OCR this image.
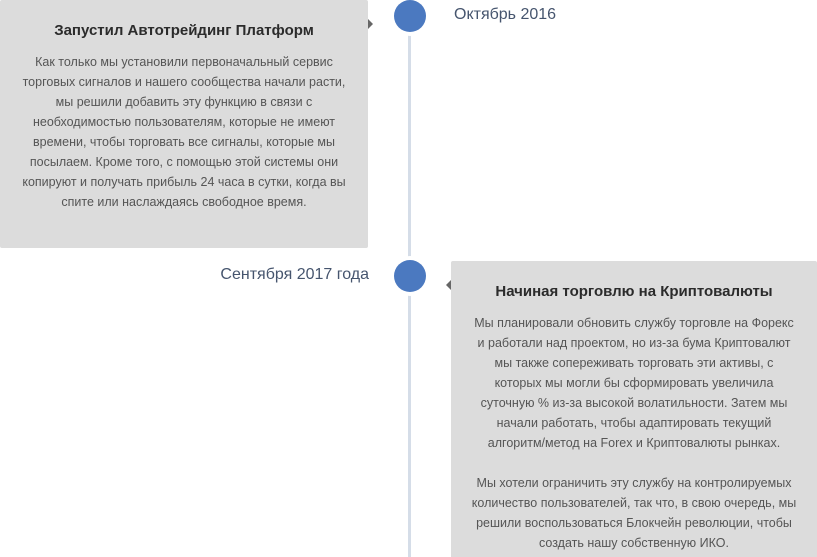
Запустил Автотрейдинг Платформ

Как только мы установили первоначальный сервис торговых сигналов и нашего сообщества начали расти, мы решили добавить эту функцию в связи с необходимостью пользователям, которые не имеют времени, чтобы торговать все сигналы, которые мы посылаем. Кроме того, с помощью этой системы они копируют и получать прибыль 24 часа в сутки, когда вы спите или наслаждаясь свободное время.

Октябрь 2016
Сентября 2017 года
Начиная торговлю на Криптовалюты

Мы планировали обновить службу торговле на Форекс и работали над проектом, но из-за бума Криптовалют мы также сопереживать торговать эти активы, с которых мы могли бы сформировать увеличила суточную % из-за высокой волатильности. Затем мы начали работать, чтобы адаптировать текущий алгоритм/метод на Forex и Криптовалюты рынках.

Мы хотели ограничить эту службу на контролируемых количество пользователей, так что, в свою очередь, мы решили воспользоваться Блокчейн революции, чтобы создать нашу собственную ИКО.
